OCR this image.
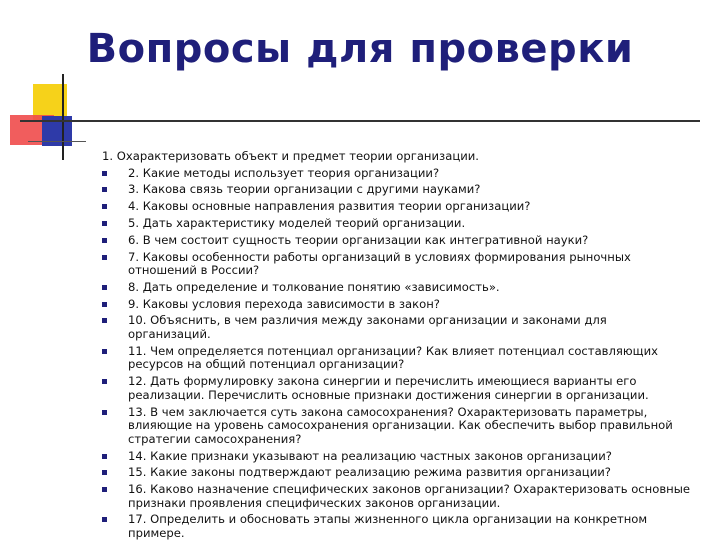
Вопросы для проверки
1. Охарактеризовать объект и предмет теории организации.
2. Какие методы использует теория организации?
3. Какова связь теории организации с другими науками?
4. Каковы основные направления развития теории организации?
5. Дать характеристику моделей теорий организации.
6. В чем состоит сущность теории организации как интегративной науки?
7. Каковы особенности работы организаций в условиях формирования рыночных отношений в России?
8. Дать определение и толкование понятию «зависимость».
9. Каковы условия перехода зависимости в закон?
10. Объяснить, в чем различия между законами организации и законами для организаций.
11. Чем определяется потенциал организации? Как влияет потенциал составляющих ресурсов на общий потенциал организации?
12. Дать формулировку закона синергии и перечислить имеющиеся варианты его реализации. Перечислить основные признаки достижения синергии в организации.
13. В чем заключается суть закона самосохранения? Охарактеризовать параметры, влияющие на уровень самосохранения организации. Как обеспечить выбор правильной стратегии самосохранения?
14. Какие признаки указывают на реализацию частных законов организации?
15. Какие законы подтверждают реализацию режима развития организации?
16. Каково назначение специфических законов организации? Охарактеризовать основные признаки проявления специфических законов организации.
17. Определить и обосновать этапы жизненного цикла организации на конкретном примере.
